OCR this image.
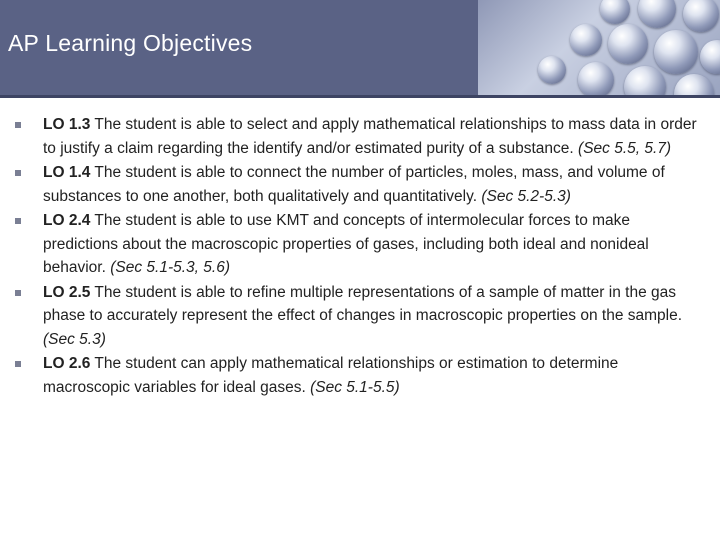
AP Learning Objectives
LO 1.3 The student is able to select and apply mathematical relationships to mass data in order to justify a claim regarding the identify and/or estimated purity of a substance. (Sec 5.5, 5.7)
LO 1.4 The student is able to connect the number of particles, moles, mass, and volume of substances to one another, both qualitatively and quantitatively. (Sec 5.2-5.3)
LO 2.4 The student is able to use KMT and concepts of intermolecular forces to make predictions about the macroscopic properties of gases, including both ideal and nonideal behavior. (Sec 5.1-5.3, 5.6)
LO 2.5 The student is able to refine multiple representations of a sample of matter in the gas phase to accurately represent the effect of changes in macroscopic properties on the sample. (Sec 5.3)
LO 2.6 The student can apply mathematical relationships or estimation to determine macroscopic variables for ideal gases. (Sec 5.1-5.5)
